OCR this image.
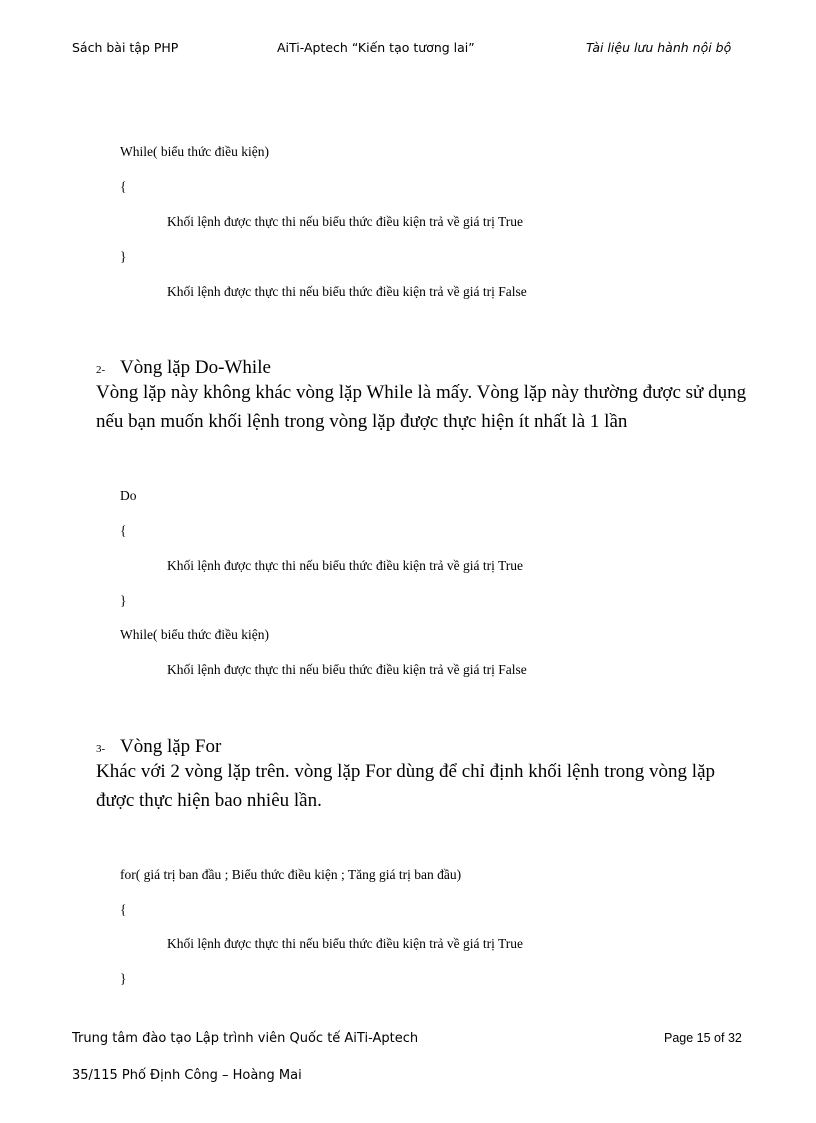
Sách bài tập PHP	AiTi-Aptech “Kiến tạo tương lai”	Tài liệu lưu hành nội bộ
While( biểu thức điều kiện)
{
Khối lệnh được thực thi nếu biểu thức điều kiện trả về giá trị True
}
Khối lệnh được thực thi nếu biểu thức điều kiện trả về giá trị False
2- Vòng lặp Do-While
Vòng lặp này không khác vòng lặp While là mấy. Vòng lặp này thường được sử dụng nếu bạn muốn khối lệnh trong vòng lặp được thực hiện ít nhất là 1 lần
Do
{
Khối lệnh được thực thi nếu biểu thức điều kiện trả về giá trị True
}
While( biểu thức điều kiện)
Khối lệnh được thực thi nếu biểu thức điều kiện trả về giá trị False
3- Vòng lặp For
Khác với 2 vòng lặp trên. vòng lặp For dùng để chỉ định khối lệnh trong vòng lặp được thực hiện bao nhiêu lần.
for( giá trị ban đầu ; Biểu thức điều kiện ; Tăng giá trị ban đầu)
{
Khối lệnh được thực thi nếu biểu thức điều kiện trả về giá trị True
}
Trung tâm đào tạo Lập trình viên Quốc tế AiTi-Aptech	Page 15 of 32
35/115 Phố Định Công – Hoàng Mai
